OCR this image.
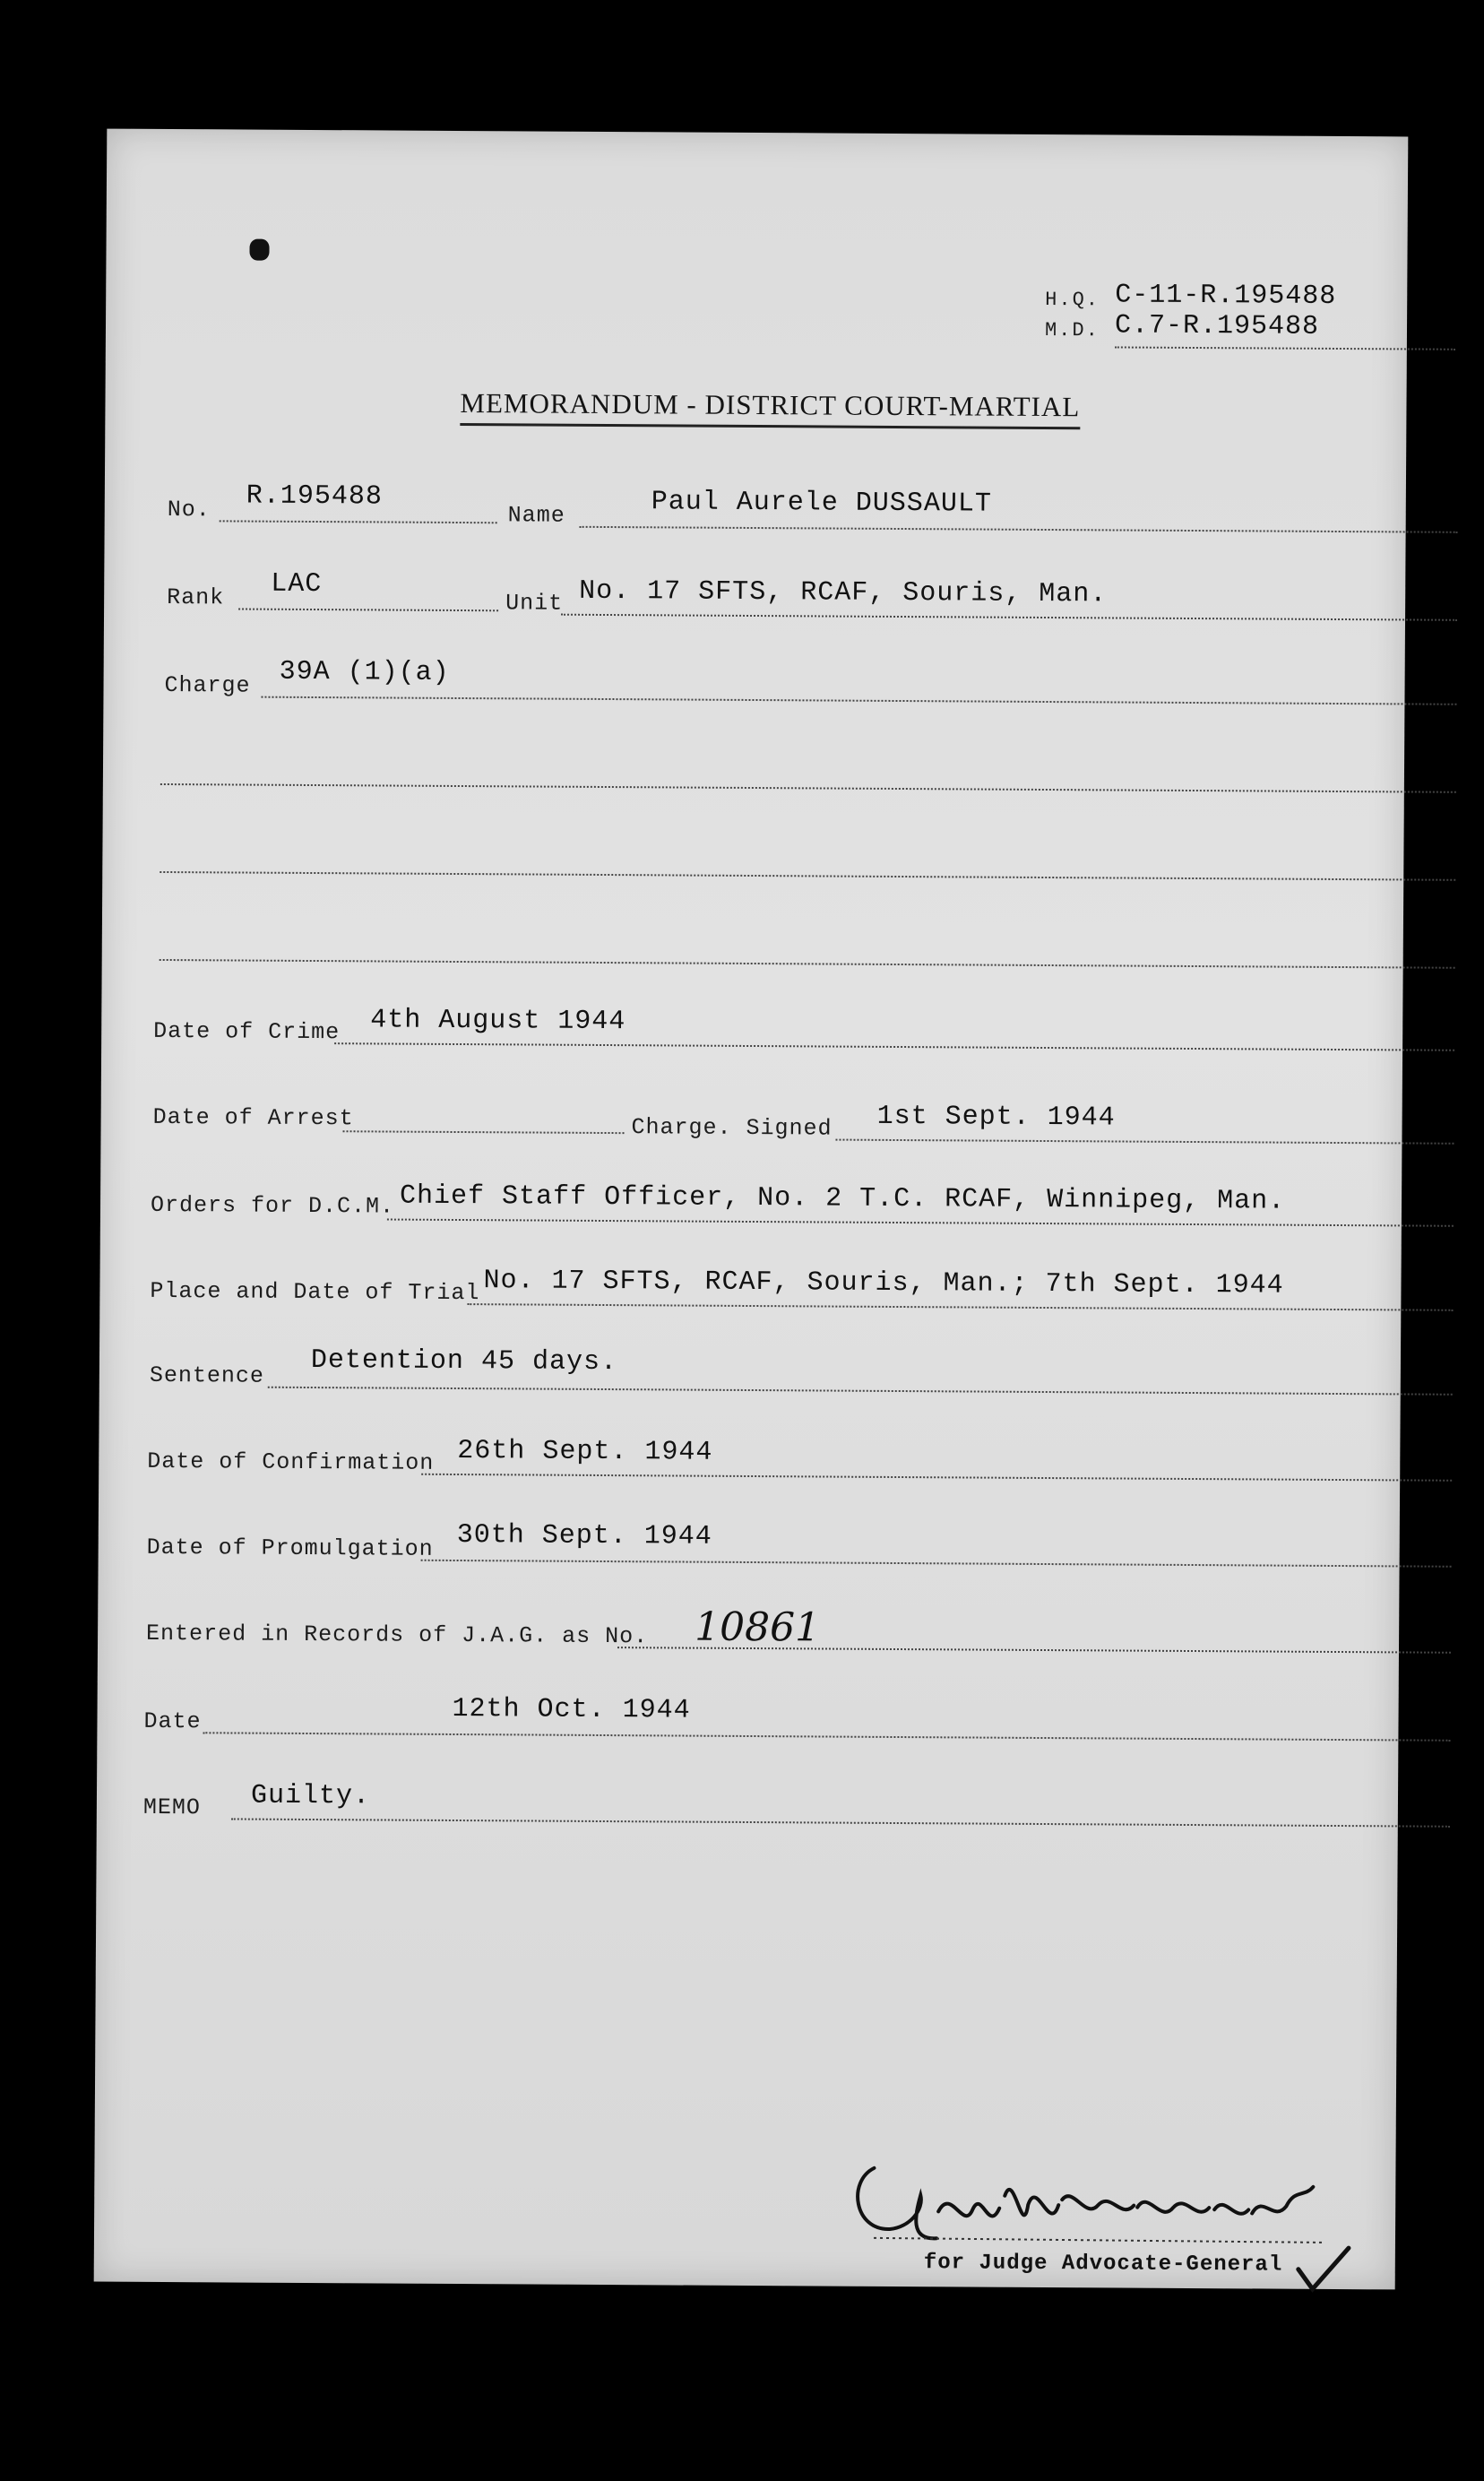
H.Q. C-11-R.195488
M.D. C.7-R.195488
MEMORANDUM - DISTRICT COURT-MARTIAL
No. R.195488
Name	Paul Aurele DUSSAULT
Rank LAC
Unit No. 17 SFTS, RCAF, Souris, Man.
Charge 39A (1)(a)
Date of Crime 4th August 1944
Date of Arrest	Charge. Signed 1st Sept. 1944
Orders for D.C.M. Chief Staff Officer, No. 2 T.C. RCAF, Winnipeg, Man.
Place and Date of Trial No. 17 SFTS, RCAF, Souris, Man.; 7th Sept. 1944
Sentence Detention 45 days.
Date of Confirmation 26th Sept. 1944
Date of Promulgation 30th Sept. 1944
Entered in Records of J.A.G. as No. 10861
12th Oct. 1944
Date
MEMO Guilty.
for Judge Advocate-General
